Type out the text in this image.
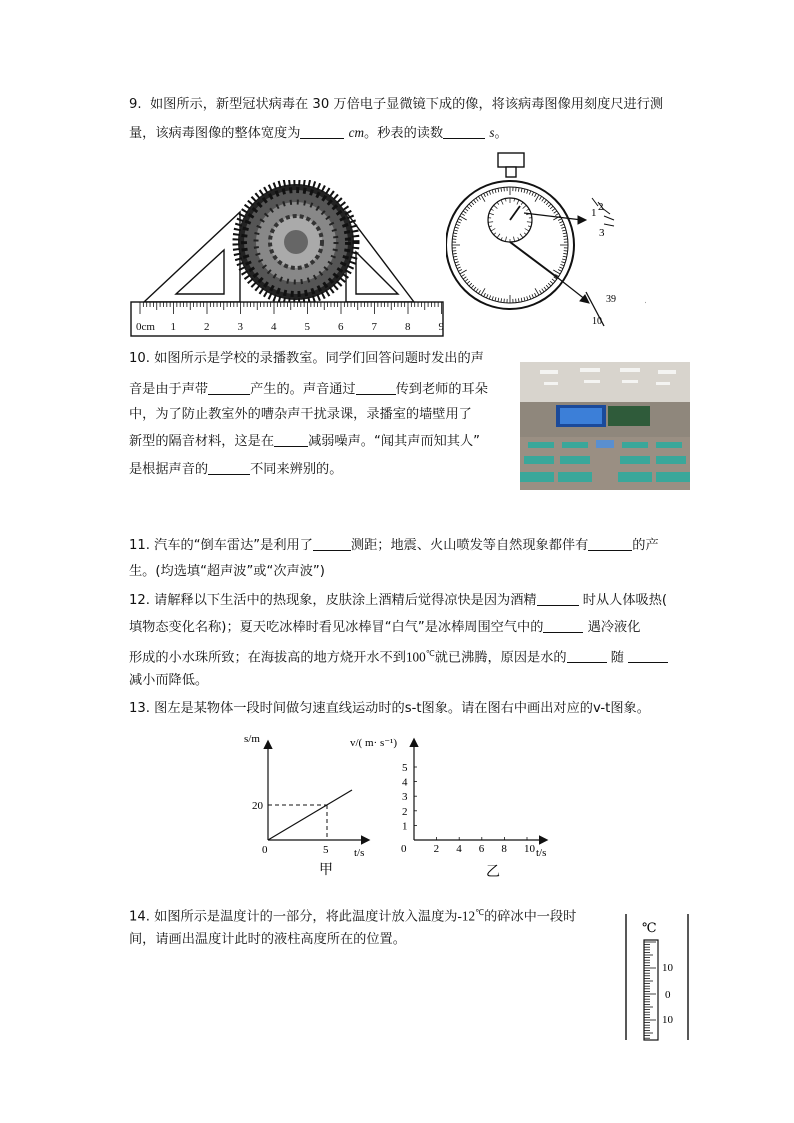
9. 如图所示，新型冠状病毒在 30 万倍电子显微镜下成的像，将该病毒图像用刻度尺进行测
量，该病毒图像的整体宽度为	cm。秒表的读数	s。
0cm 1	2	3	4	5	6	7	8	9
1 2
3
39
10
10. 如图所示是学校的录播教室。同学们回答问题时发出的声
音是由于声带	产生的。声音通过	传到老师的耳朵
中，为了防止教室外的嘈杂声干扰录课，录播室的墙壁用了
新型的隔音材料，这是在	减弱噪声。“闻其声而知其人”
是根据声音的	不同来辨别的。
11. 汽车的“倒车雷达”是利用了	测距；地震、火山喷发等自然现象都伴有	的产
生。(均选填“超声波”或“次声波”)
12. 请解释以下生活中的热现象，皮肤涂上酒精后觉得凉快是因为酒精	时从人体吸热(
填物态变化名称)；夏天吃冰棒时看见冰棒冒“白气”是冰棒周围空气中的	遇冷液化
形成的小水珠所致；在海拔高的地方烧开水不到100℃就已沸腾，原因是水的	随
减小而降低。
13. 图左是某物体一段时间做匀速直线运动时的s-t图象。请在图右中画出对应的v-t图象。
s/m
t/s
0	5
20
甲
2 4 6 8 10
1
2
3
4
5
v/( m· s⁻¹)
t/s
0
乙
14. 如图所示是温度计的一部分，将此温度计放入温度为-12℃的碎冰中一段时
间，请画出温度计此时的液柱高度所在的位置。
℃
10
0
10
